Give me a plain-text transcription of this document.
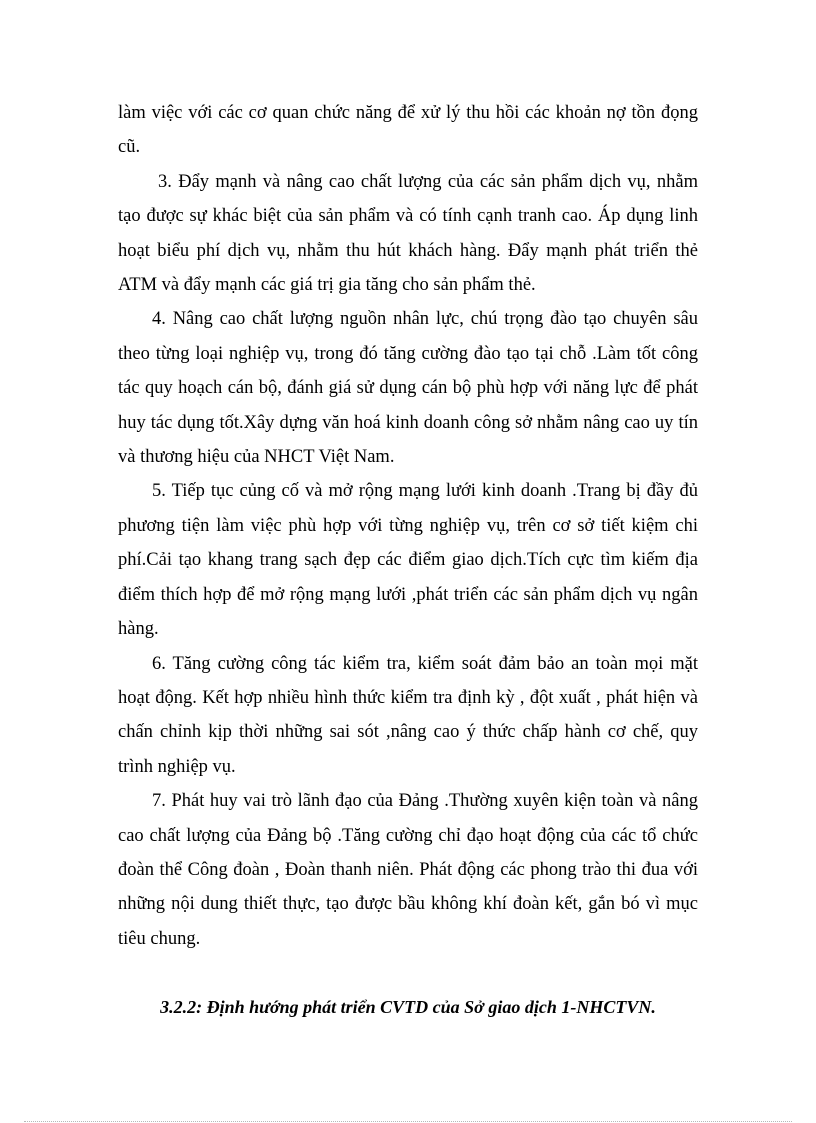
làm việc với các cơ quan chức năng để xử lý thu hồi các khoản nợ tồn đọng cũ.

3. Đẩy mạnh và nâng cao chất lượng của các sản phẩm dịch vụ, nhằm tạo được sự khác biệt của sản phẩm và có tính cạnh tranh cao. Áp dụng linh hoạt biểu phí dịch vụ, nhằm thu hút khách hàng. Đẩy mạnh phát triển thẻ ATM và đẩy mạnh các giá trị gia tăng cho sản phẩm thẻ.

4. Nâng cao chất lượng nguồn nhân lực, chú trọng đào tạo chuyên sâu theo từng loại nghiệp vụ, trong đó tăng cường đào tạo tại chỗ .Làm tốt công tác quy hoạch cán bộ, đánh giá sử dụng cán bộ phù hợp với năng lực để phát huy tác dụng tốt.Xây dựng văn hoá kinh doanh công sở nhằm nâng cao uy tín và thương hiệu của NHCT Việt Nam.

5. Tiếp tục củng cố và mở rộng mạng lưới kinh doanh .Trang bị đầy đủ phương tiện làm việc phù hợp với từng nghiệp vụ, trên cơ sở tiết kiệm chi phí.Cải tạo khang trang sạch đẹp các điểm giao dịch.Tích cực tìm kiếm địa điểm thích hợp để mở rộng mạng lưới ,phát triển các sản phẩm dịch vụ ngân hàng.

6. Tăng cường công tác kiểm tra, kiểm soát đảm bảo an toàn mọi mặt hoạt động. Kết hợp nhiều hình thức kiểm tra định kỳ , đột xuất , phát hiện và chấn chỉnh kịp thời những sai sót ,nâng cao ý thức chấp hành cơ chế, quy trình nghiệp vụ.

7. Phát huy vai trò lãnh đạo của Đảng .Thường xuyên kiện toàn và nâng cao chất lượng của Đảng bộ .Tăng cường chỉ đạo hoạt động của các tổ chức đoàn thể Công đoàn , Đoàn thanh niên. Phát động các phong trào thi đua với những nội dung thiết thực, tạo được bầu không khí đoàn kết, gắn bó vì mục tiêu chung.

3.2.2: Định hướng phát triển CVTD của Sở giao dịch 1-NHCTVN.
